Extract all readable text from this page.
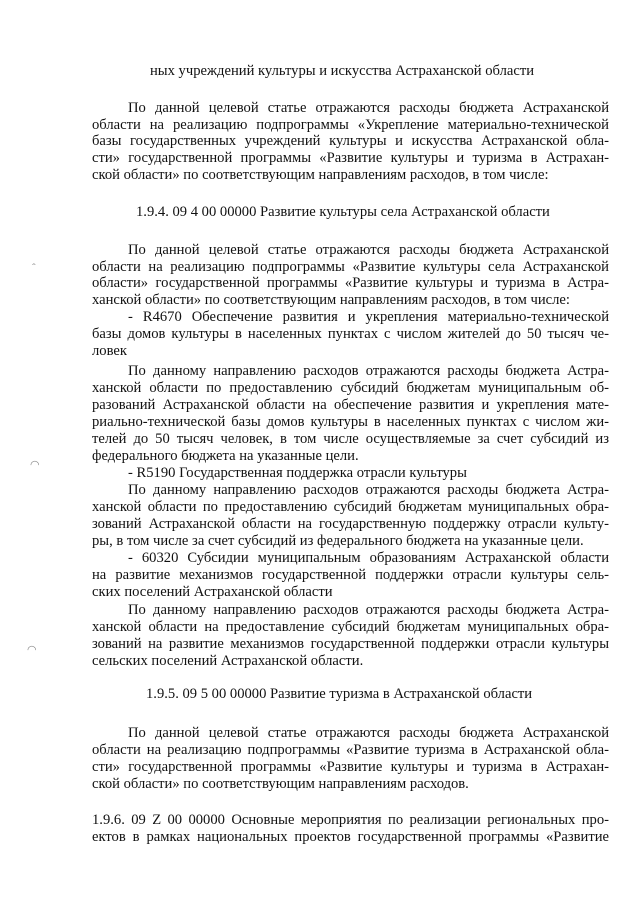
ˆ
◠
◠
ных учреждений культуры и искусства Астраханской области
По данной целевой статье отражаются расходы бюджета Астраханской
области на реализацию подпрограммы «Укрепление материально-технической
базы государственных учреждений культуры и искусства Астраханской обла-
сти» государственной программы «Развитие культуры и туризма в Астрахан-
ской области» по соответствующим направлениям расходов, в том числе:
1.9.4. 09 4 00 00000 Развитие культуры села Астраханской области
По данной целевой статье отражаются расходы бюджета Астраханской
области на реализацию подпрограммы «Развитие культуры села Астраханской
области» государственной программы «Развитие культуры и туризма в Астра-
ханской области» по соответствующим направлениям расходов, в том числе:
- R4670 Обеспечение развития и укрепления материально-технической
базы домов культуры в населенных пунктах с числом жителей до 50 тысяч че-
ловек
По данному направлению расходов отражаются расходы бюджета Астра-
ханской области по предоставлению субсидий бюджетам муниципальным об-
разований Астраханской области на обеспечение развития и укрепления мате-
риально-технической базы домов культуры в населенных пунктах с числом жи-
телей до 50 тысяч человек, в том числе осуществляемые за счет субсидий из
федерального бюджета на указанные цели.
- R5190 Государственная поддержка отрасли культуры
По данному направлению расходов отражаются расходы бюджета Астра-
ханской области по предоставлению субсидий бюджетам муниципальных обра-
зований Астраханской области на государственную поддержку отрасли культу-
ры, в том числе за счет субсидий из федерального бюджета на указанные цели.
- 60320 Субсидии муниципальным образованиям Астраханской области
на развитие механизмов государственной поддержки отрасли культуры сель-
ских поселений Астраханской области
По данному направлению расходов отражаются расходы бюджета Астра-
ханской области на предоставление субсидий бюджетам муниципальных обра-
зований на развитие механизмов государственной поддержки отрасли культуры
сельских поселений Астраханской области.
1.9.5. 09 5 00 00000 Развитие туризма в Астраханской области
По данной целевой статье отражаются расходы бюджета Астраханской
области на реализацию подпрограммы «Развитие туризма в Астраханской обла-
сти» государственной программы «Развитие культуры и туризма в Астрахан-
ской области» по соответствующим направлениям расходов.
1.9.6. 09 Z 00 00000 Основные мероприятия по реализации региональных про-
ектов в рамках национальных проектов государственной программы «Развитие
